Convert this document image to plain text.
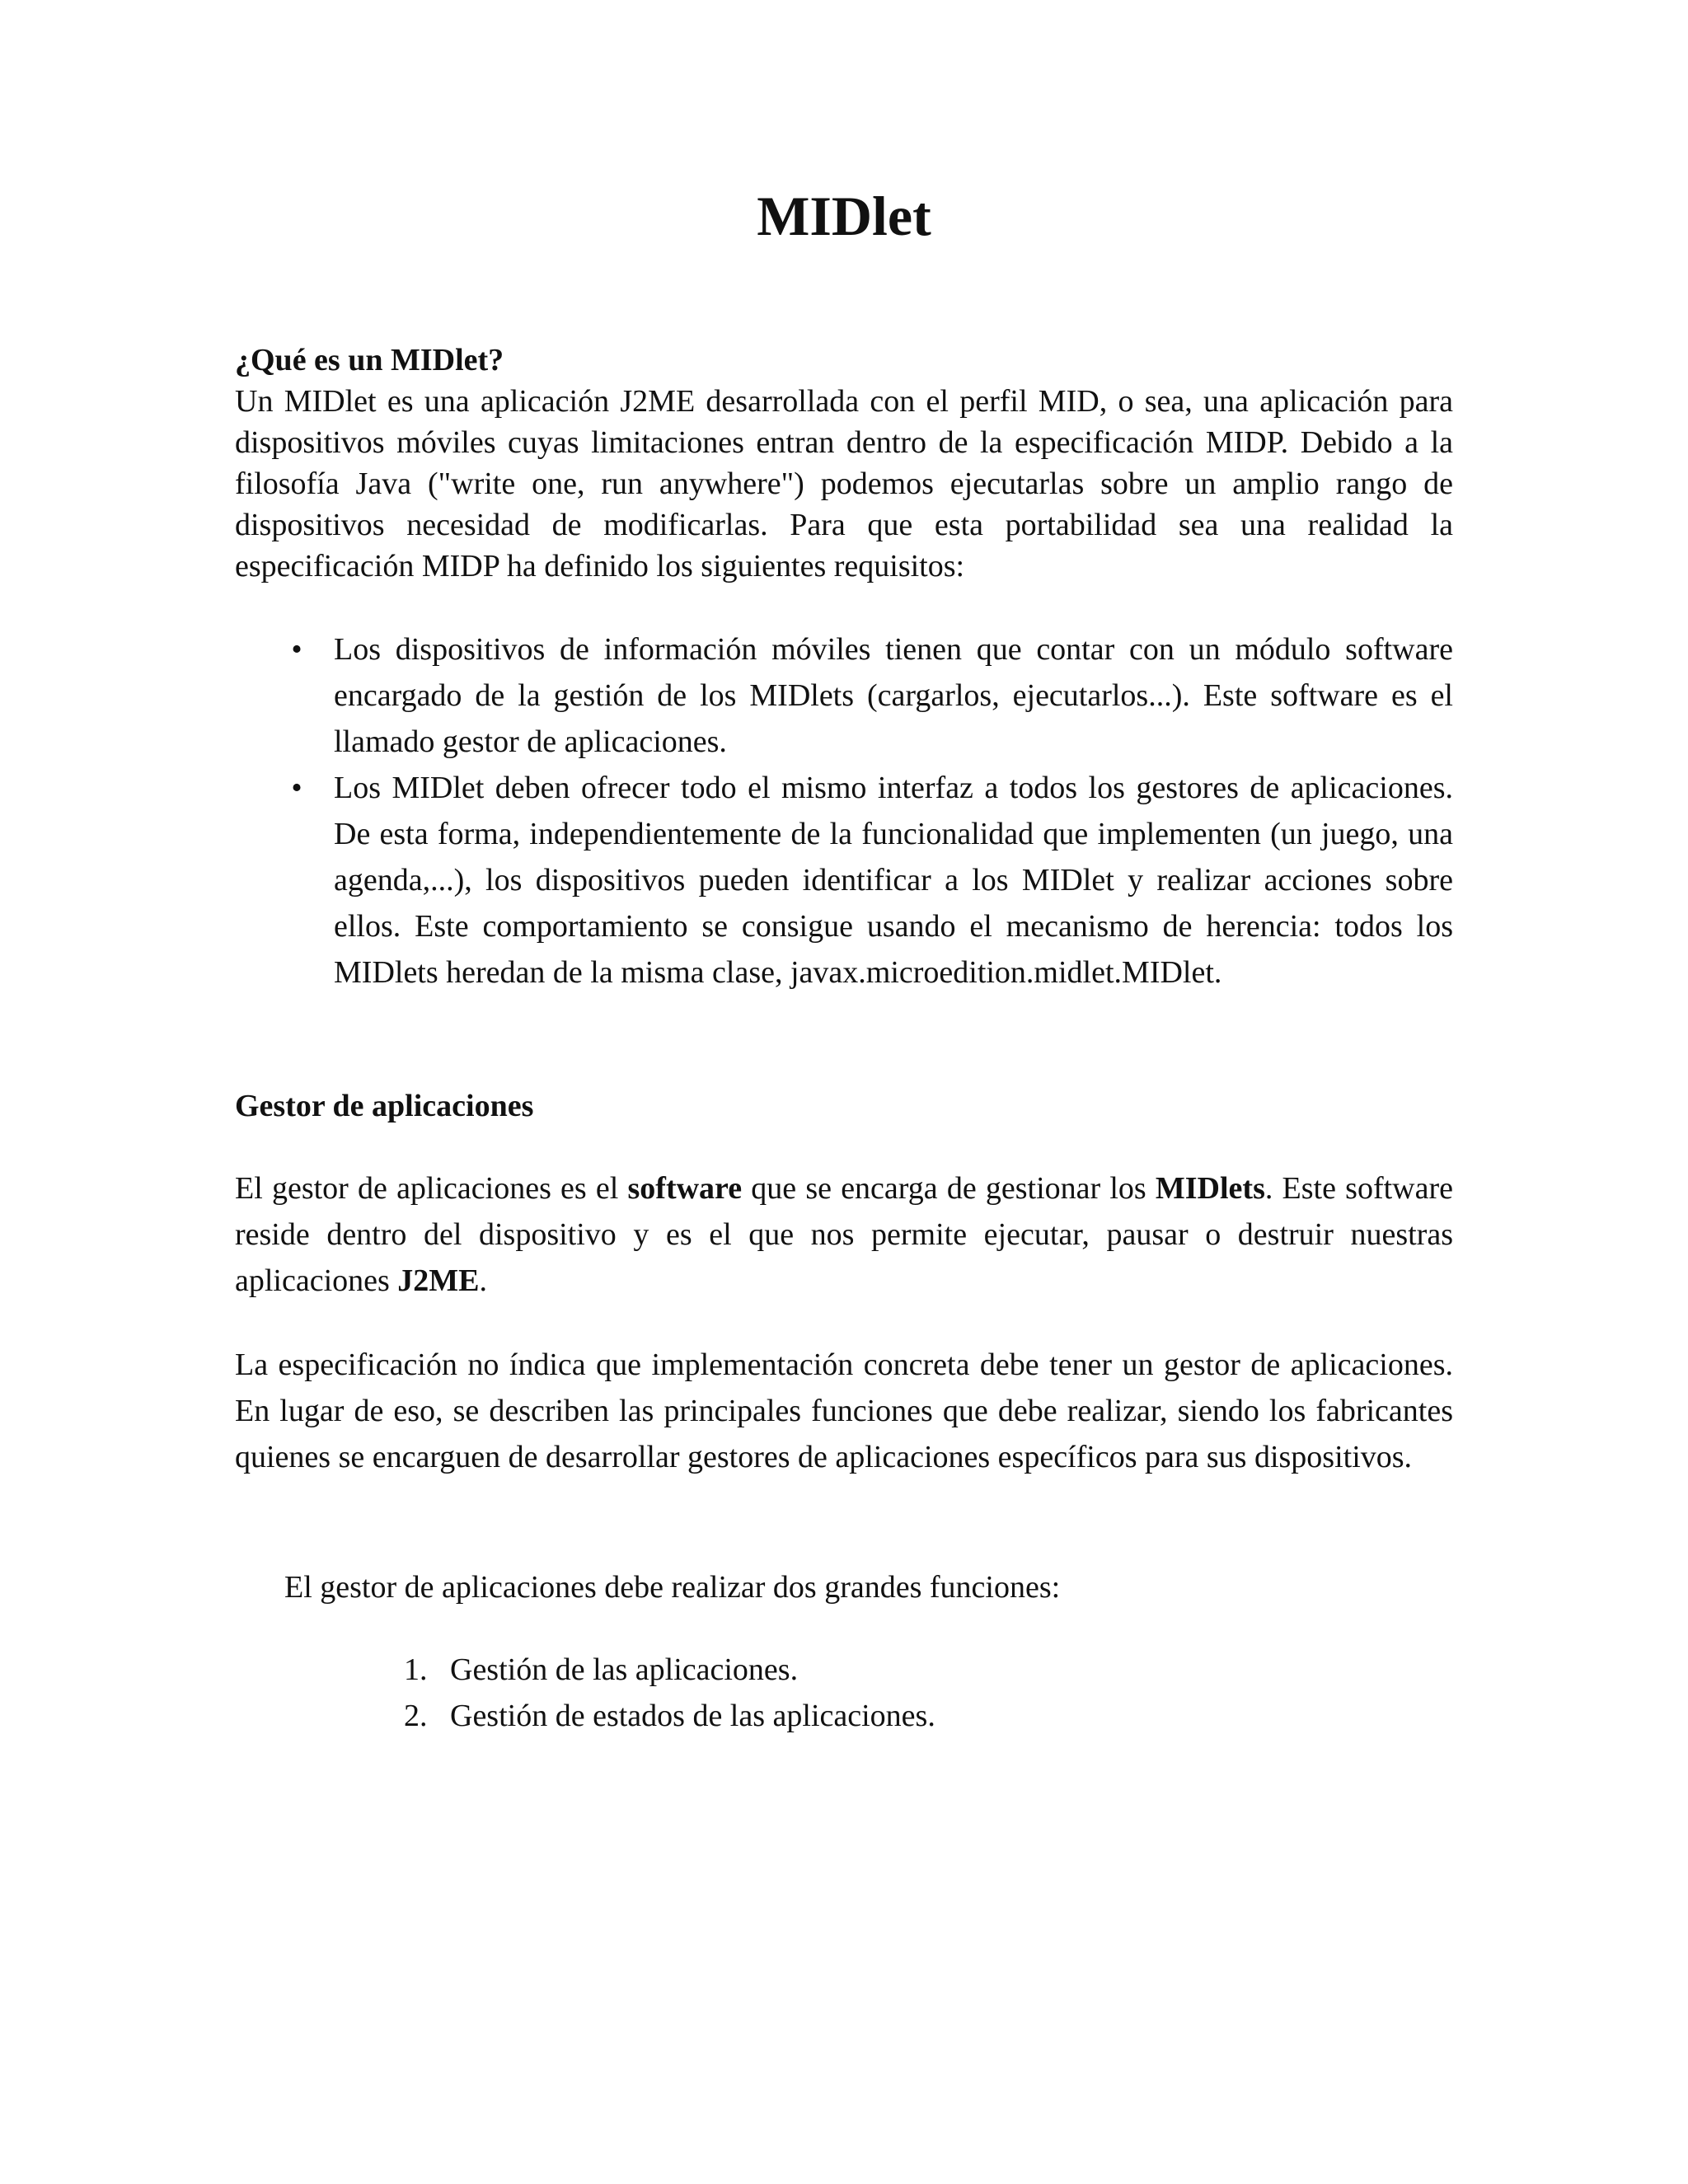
MIDlet
¿Qué es un MIDlet?
Un MIDlet es una aplicación J2ME desarrollada con el perfil MID, o sea, una aplicación para dispositivos móviles cuyas limitaciones entran dentro de la especificación MIDP. Debido a la filosofía Java ("write one, run anywhere") podemos ejecutarlas sobre un amplio rango de dispositivos necesidad de modificarlas. Para que esta portabilidad sea una realidad la especificación MIDP ha definido los siguientes requisitos:
• Los dispositivos de información móviles tienen que contar con un módulo software encargado de la gestión de los MIDlets (cargarlos, ejecutarlos...). Este software es el llamado gestor de aplicaciones.
• Los MIDlet deben ofrecer todo el mismo interfaz a todos los gestores de aplicaciones. De esta forma, independientemente de la funcionalidad que implementen (un juego, una agenda,...), los dispositivos pueden identificar a los MIDlet y realizar acciones sobre ellos. Este comportamiento se consigue usando el mecanismo de herencia: todos los MIDlets heredan de la misma clase, javax.microedition.midlet.MIDlet.
Gestor de aplicaciones

El gestor de aplicaciones es el software que se encarga de gestionar los MIDlets. Este software reside dentro del dispositivo y es el que nos permite ejecutar, pausar o destruir nuestras aplicaciones J2ME.

La especificación no índica que implementación concreta debe tener un gestor de aplicaciones. En lugar de eso, se describen las principales funciones que debe realizar, siendo los fabricantes quienes se encarguen de desarrollar gestores de aplicaciones específicos para sus dispositivos.

El gestor de aplicaciones debe realizar dos grandes funciones:

1. Gestión de las aplicaciones.
2. Gestión de estados de las aplicaciones.
